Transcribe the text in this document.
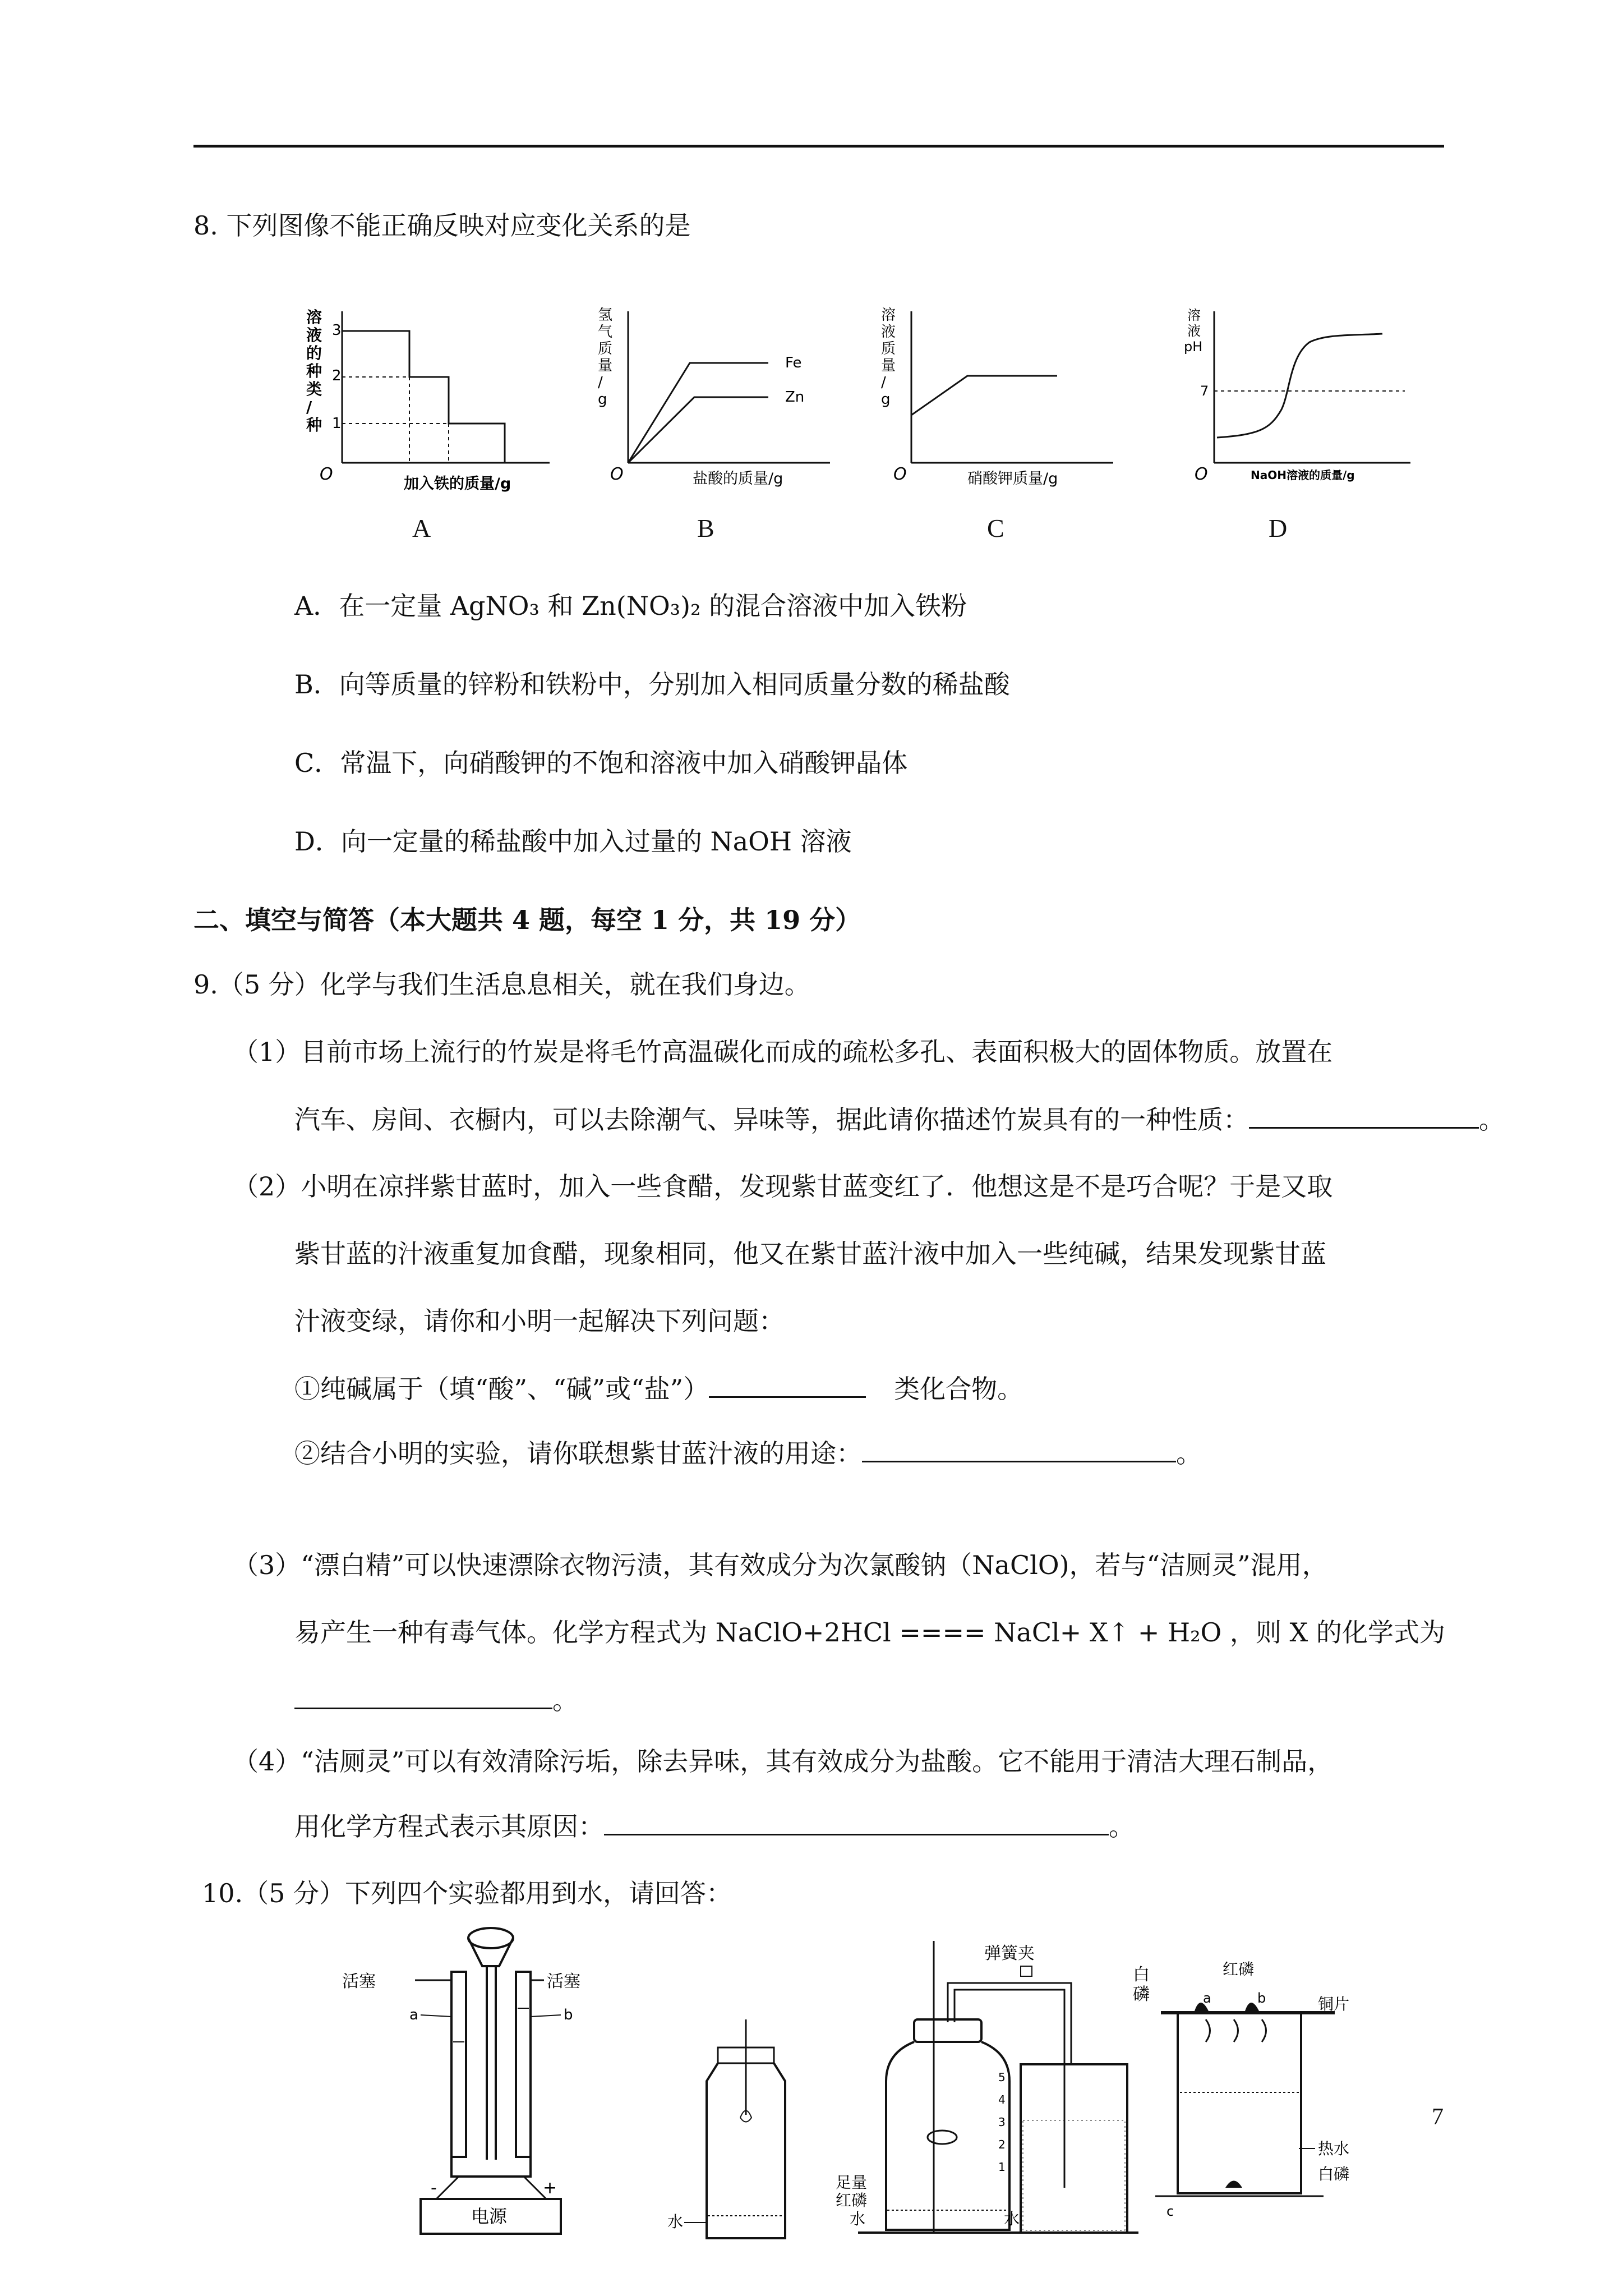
8. 下列图像不能正确反映对应变化关系的是
溶
液
的
种
类
/
种
3
2
1
O	加入铁的质量/g
A
氢
气
质
量
/
g
Fe
Zn
O	盐酸的质量/g
B
溶
液
质
量
/
g
O	硝酸钾质量/g
C
溶
液
pH
7
O	NaOH溶液的质量/g
D
A．在一定量 AgNO₃ 和 Zn(NO₃)₂ 的混合溶液中加入铁粉
B．向等质量的锌粉和铁粉中，分别加入相同质量分数的稀盐酸
C．常温下，向硝酸钾的不饱和溶液中加入硝酸钾晶体
D．向一定量的稀盐酸中加入过量的 NaOH 溶液
二、填空与简答（本大题共 4 题，每空 1 分，共 19 分）
9.（5 分）化学与我们生活息息相关，就在我们身边。
（1）目前市场上流行的竹炭是将毛竹高温碳化而成的疏松多孔、表面积极大的固体物质。放置在
汽车、房间、衣橱内，可以去除潮气、异味等，据此请你描述竹炭具有的一种性质：	。
（2）小明在凉拌紫甘蓝时，加入一些食醋，发现紫甘蓝变红了．他想这是不是巧合呢？于是又取
紫甘蓝的汁液重复加食醋，现象相同，他又在紫甘蓝汁液中加入一些纯碱，结果发现紫甘蓝
汁液变绿，请你和小明一起解决下列问题：
①纯碱属于（填“酸”、“碱”或“盐”）	类化合物。
②结合小明的实验，请你联想紫甘蓝汁液的用途：	。
（3）“漂白精”可以快速漂除衣物污渍，其有效成分为次氯酸钠（NaClO)，若与“洁厕灵”混用，
易产生一种有毒气体。化学方程式为 NaClO+2HCl ==== NaCl+ X↑ + H₂O ，则 X 的化学式为
。
（4）“洁厕灵”可以有效清除污垢，除去异味，其有效成分为盐酸。它不能用于清洁大理石制品，
用化学方程式表示其原因：	。
10.（5 分）下列四个实验都用到水，请回答：
活塞	活塞
a	b
-	+
电源	水
弹簧夹
5
4
3
2
1
足量
红磷
水	水
白
磷
红磷
a	b	铜片
热水
白磷
c
7
